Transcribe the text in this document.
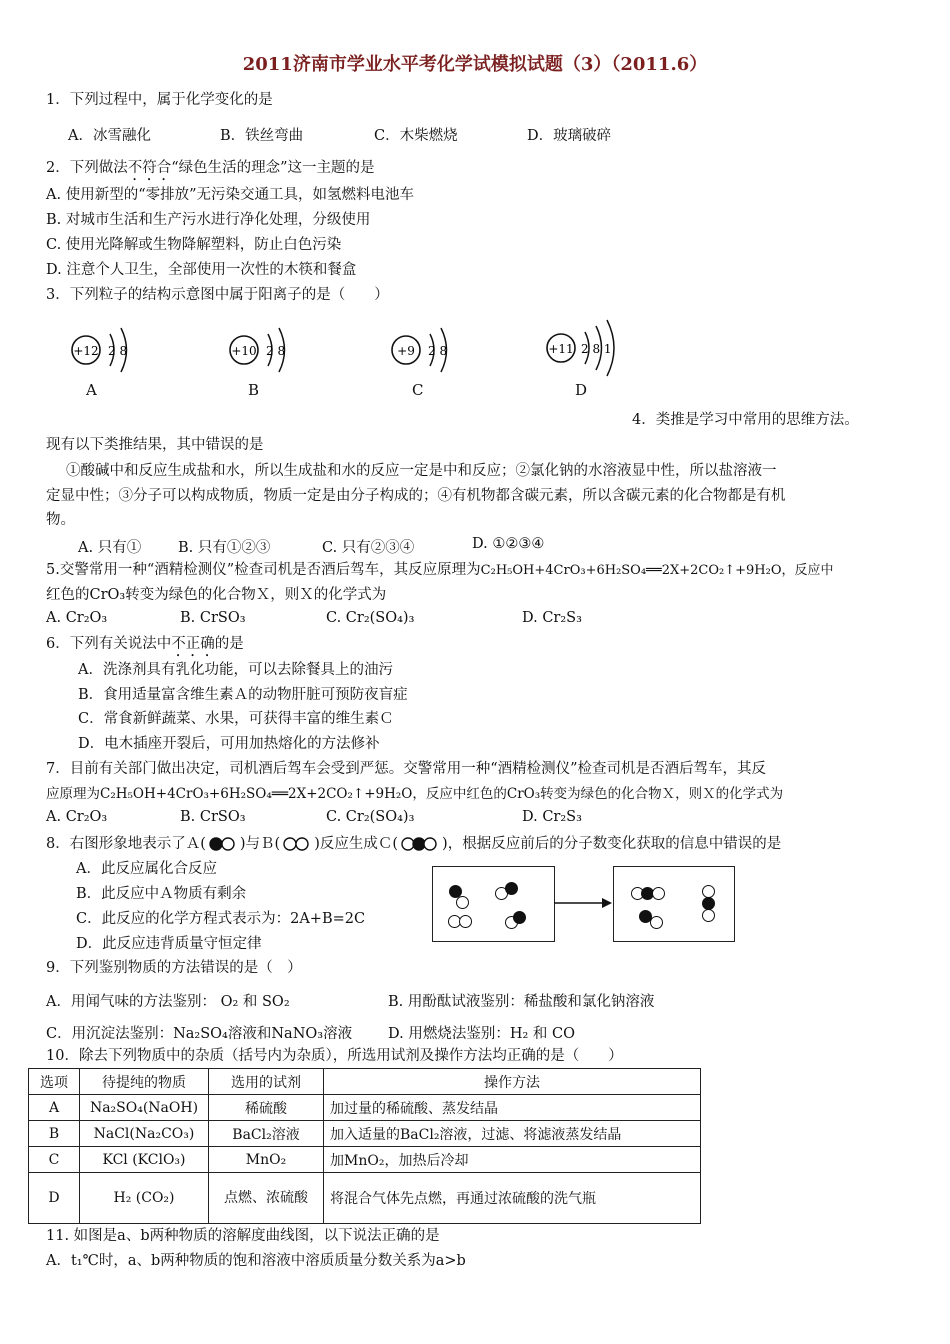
2011济南市学业水平考化学试模拟试题（3）（2011.6）
1．下列过程中，属于化学变化的是
A．冰雪融化	B．铁丝弯曲	C．木柴燃烧	D．玻璃破碎
2．下列做法不符合“绿色生活的理念”这一主题的是
A. 使用新型的“零排放”无污染交通工具，如氢燃料电池车
B. 对城市生活和生产污水进行净化处理，分级使用
C. 使用光降解或生物降解塑料，防止白色污染
D. 注意个人卫生，全部使用一次性的木筷和餐盒
3．下列粒子的结构示意图中属于阳离子的是（　　）
+12 2 8
A
+10 2 8
B
+9 2 8
C
+11 2 8 1
D
4．类推是学习中常用的思维方法。
现有以下类推结果，其中错误的是
①酸碱中和反应生成盐和水，所以生成盐和水的反应一定是中和反应；②氯化钠的水溶液显中性，所以盐溶液一
定显中性；③分子可以构成物质，物质一定是由分子构成的；④有机物都含碳元素，所以含碳元素的化合物都是有机
物。
A. 只有①	B. 只有①②③	C. 只有②③④	D. ①②③④
5.交警常用一种“酒精检测仪”检查司机是否酒后驾车，其反应原理为C₂H₅OH+4CrO₃+6H₂SO₄══2X+2CO₂↑+9H₂O，反应中
红色的CrO₃转变为绿色的化合物Ｘ，则Ｘ的化学式为
A. Cr₂O₃	B. CrSO₃	C. Cr₂(SO₄)₃	D. Cr₂S₃
6．下列有关说法中不正确的是
A．洗涤剂具有乳化功能，可以去除餐具上的油污
B．食用适量富含维生素Ａ的动物肝脏可预防夜盲症
C．常食新鲜蔬菜、水果，可获得丰富的维生素Ｃ
D．电木插座开裂后，可用加热熔化的方法修补
7．目前有关部门做出决定，司机酒后驾车会受到严惩。交警常用一种“酒精检测仪”检查司机是否酒后驾车，其反
应原理为C₂H₅OH+4CrO₃+6H₂SO₄══2X+2CO₂↑+9H₂O，反应中红色的CrO₃转变为绿色的化合物Ｘ，则Ｘ的化学式为
A. Cr₂O₃	B. CrSO₃	C. Cr₂(SO₄)₃	D. Cr₂S₃
8．右图形象地表示了Ａ( )与Ｂ( )反应生成Ｃ(	)，根据反应前后的分子数变化获取的信息中错误的是
A．此反应属化合反应
B．此反应中Ａ物质有剩余
C．此反应的化学方程式表示为：2A+B=2C
D．此反应违背质量守恒定律
9．下列鉴别物质的方法错误的是（　）
A．用闻气味的方法鉴别： O₂ 和 SO₂	B. 用酚酞试液鉴别：稀盐酸和氯化钠溶液
C．用沉淀法鉴别：Na₂SO₄溶液和NaNO₃溶液 D. 用燃烧法鉴别：H₂ 和 CO
10．除去下列物质中的杂质（括号内为杂质），所选用试剂及操作方法均正确的是（　　）
选项	待提纯的物质	选用的试剂	操作方法
A	Na₂SO₄(NaOH)	稀硫酸	加过量的稀硫酸、蒸发结晶
B	NaCl(Na₂CO₃)	BaCl₂溶液	加入适量的BaCl₂溶液，过滤、将滤液蒸发结晶
C	KCl (KClO₃)	MnO₂	加MnO₂，加热后冷却
D	H₂ (CO₂)	点燃、浓硫酸	将混合气体先点燃，再通过浓硫酸的洗气瓶
11. 如图是a、b两种物质的溶解度曲线图，以下说法正确的是
A．t₁℃时，a、b两种物质的饱和溶液中溶质质量分数关系为a>b
